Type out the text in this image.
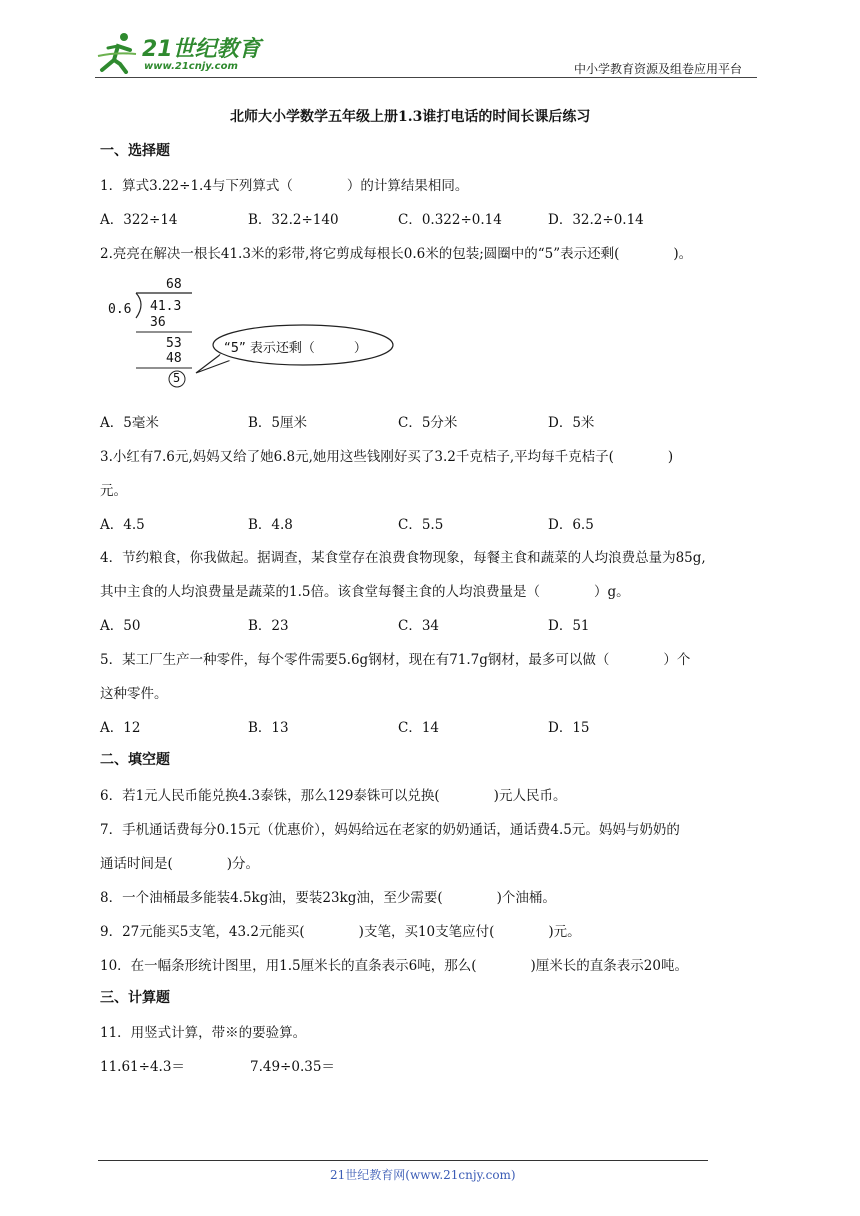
21世纪教育
www.21cnjy.com	中小学教育资源及组卷应用平台
北师大小学数学五年级上册1.3谁打电话的时间长课后练习
一、选择题
1．算式3.22÷1.4与下列算式（　　　　）的计算结果相同。
A．322÷14	B．32.2÷140	C．0.322÷0.14	D．32.2÷0.14
2.亮亮在解决一根长41.3米的彩带,将它剪成每根长0.6米的包装;圆圈中的“5”表示还剩(　　　　)。
68
0.6 41.3
36
53
48
5
“5” 表示还剩（　　　）
A．5毫米	B．5厘米	C．5分米	D．5米
3.小红有7.6元,妈妈又给了她6.8元,她用这些钱刚好买了3.2千克桔子,平均每千克桔子(　　　　)
元。
A．4.5	B．4.8	C．5.5	D．6.5
4．节约粮食，你我做起。据调查，某食堂存在浪费食物现象，每餐主食和蔬菜的人均浪费总量为85g,
其中主食的人均浪费量是蔬菜的1.5倍。该食堂每餐主食的人均浪费量是（　　　　）g。
A．50	B．23	C．34	D．51
5．某工厂生产一种零件，每个零件需要5.6g钢材，现在有71.7g钢材，最多可以做（　　　　）个
这种零件。
A．12	B．13	C．14	D．15
二、填空题
6．若1元人民币能兑换4.3泰铢，那么129泰铢可以兑换(　　　　)元人民币。
7．手机通话费每分0.15元（优惠价），妈妈给远在老家的奶奶通话，通话费4.5元。妈妈与奶奶的
通话时间是(　　　　)分。
8．一个油桶最多能装4.5kg油，要装23kg油，至少需要(　　　　)个油桶。
9．27元能买5支笔，43.2元能买(　　　　)支笔，买10支笔应付(　　　　)元。
10．在一幅条形统计图里，用1.5厘米长的直条表示6吨，那么(　　　　)厘米长的直条表示20吨。
三、计算题
11．用竖式计算，带※的要验算。
11.61÷4.3＝	7.49÷0.35＝
21世纪教育网(www.21cnjy.com)
